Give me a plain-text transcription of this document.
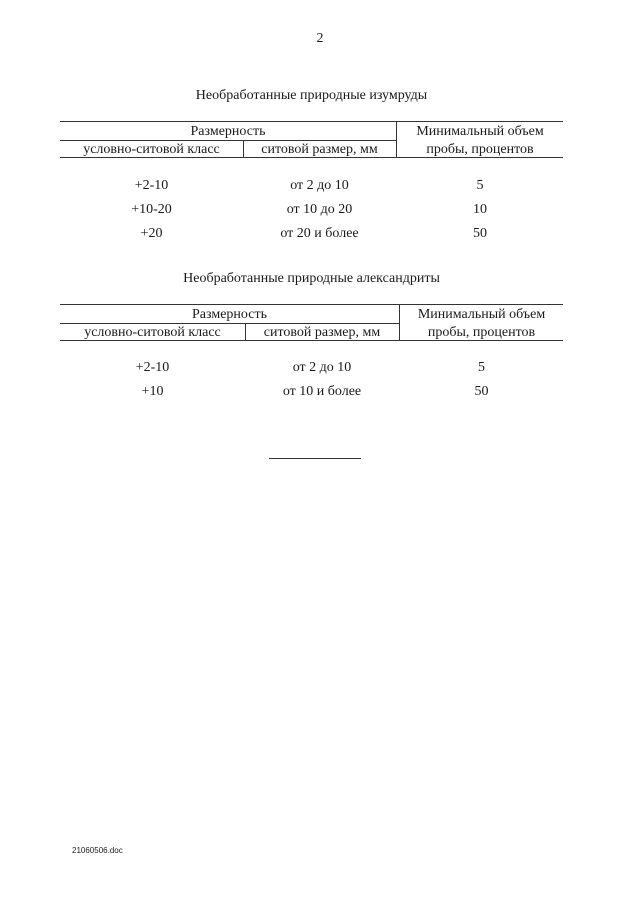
2
Необработанные природные изумруды
Размерность
условно-ситовой класс	ситовой размер, мм
Минимальный объем
пробы, процентов
+2-10	от 2 до 10	5
+10-20	от 10 до 20	10
+20	от 20 и более	50
Необработанные природные александриты
Размерность
условно-ситовой класс	ситовой размер, мм
Минимальный объем
пробы, процентов
+2-10	от 2 до 10	5
+10	от 10 и более	50
21060506.doc
